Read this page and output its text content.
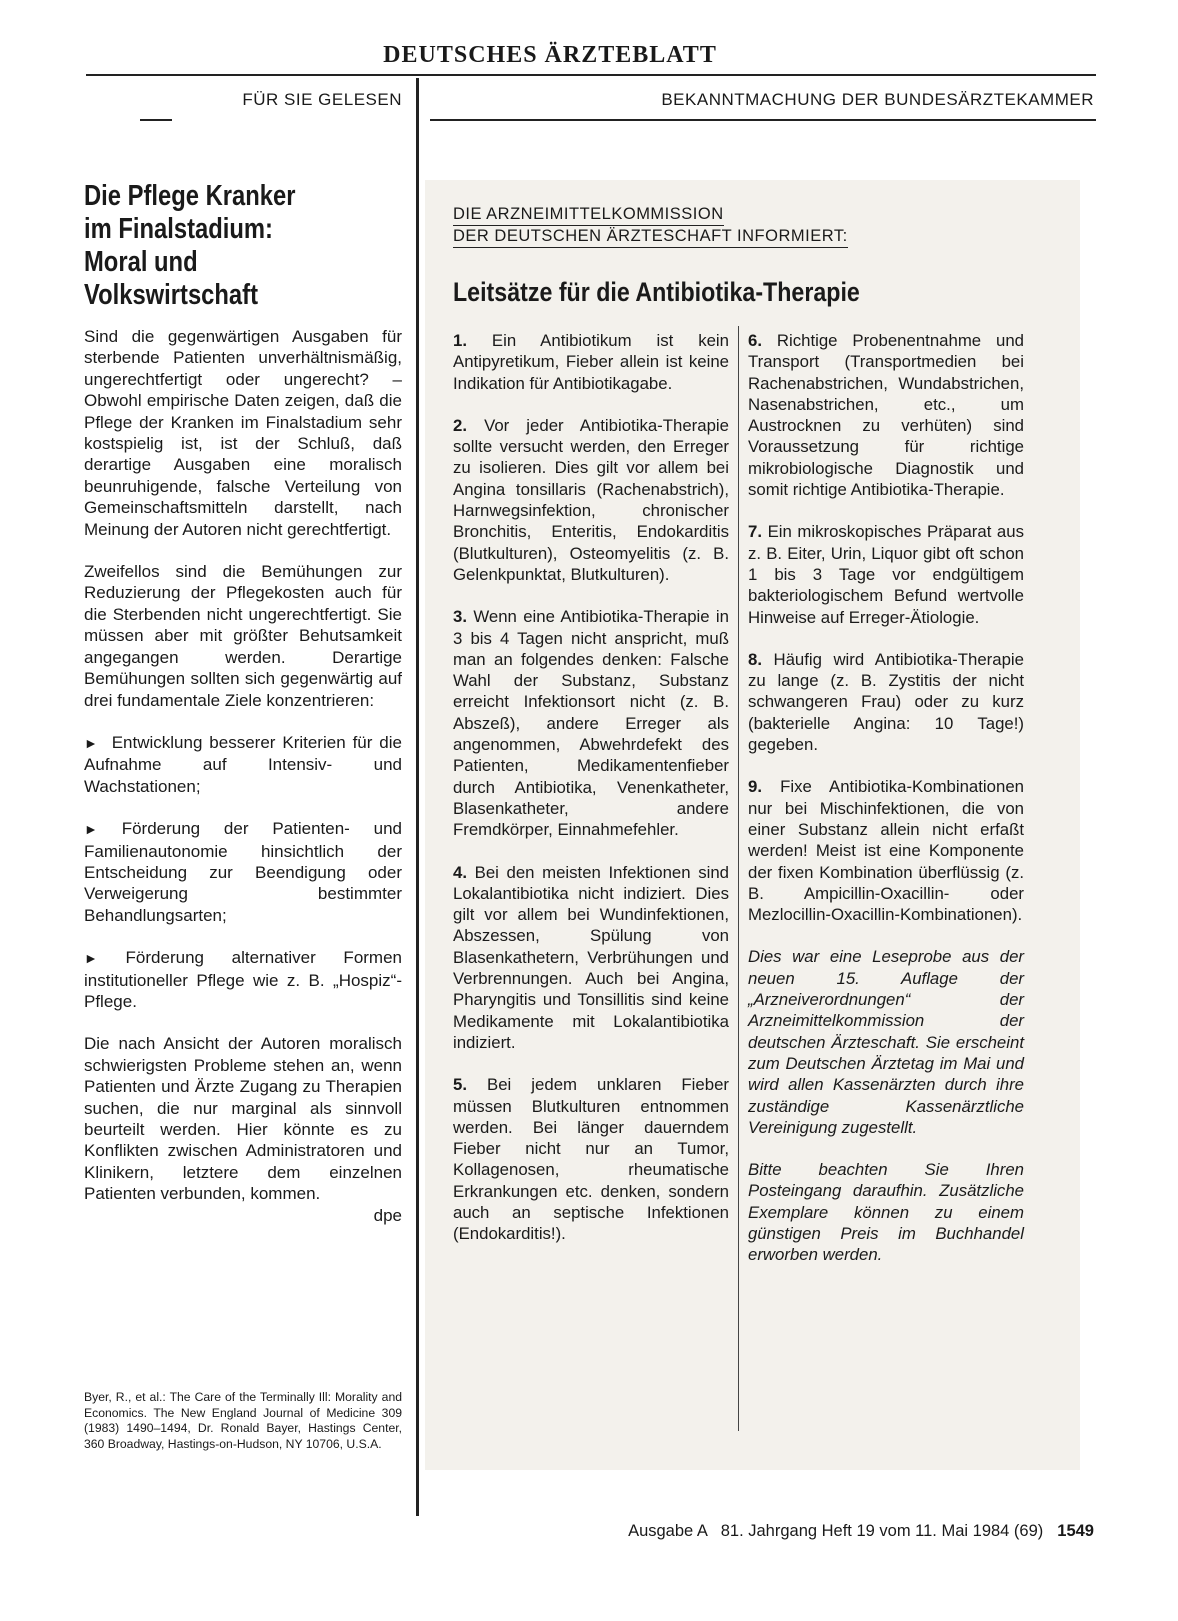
DEUTSCHES ÄRZTEBLATT
FÜR SIE GELESEN	BEKANNTMACHUNG DER BUNDESÄRZTEKAMMER
Die Pflege Kranker
im Finalstadium:
Moral und
Volkswirtschaft

Sind die gegenwärtigen Ausgaben für sterbende Patienten unverhältnismäßig, ungerechtfertigt oder ungerecht? – Obwohl empirische Daten zeigen, daß die Pflege der Kranken im Finalstadium sehr kostspielig ist, ist der Schluß, daß derartige Ausgaben eine moralisch beunruhigende, falsche Verteilung von Gemeinschaftsmitteln darstellt, nach Meinung der Autoren nicht gerechtfertigt.

Zweifellos sind die Bemühungen zur Reduzierung der Pflegekosten auch für die Sterbenden nicht ungerechtfertigt. Sie müssen aber mit größter Behutsamkeit angegangen werden. Derartige Bemühungen sollten sich gegenwärtig auf drei fundamentale Ziele konzentrieren:

► Entwicklung besserer Kriterien für die Aufnahme auf Intensiv- und Wachstationen;

► Förderung der Patienten- und Familienautonomie hinsichtlich der Entscheidung zur Beendigung oder Verweigerung bestimmter Behandlungsarten;

► Förderung alternativer Formen institutioneller Pflege wie z. B. „Hospiz“-Pflege.

Die nach Ansicht der Autoren moralisch schwierigsten Probleme stehen an, wenn Patienten und Ärzte Zugang zu Therapien suchen, die nur marginal als sinnvoll beurteilt werden. Hier könnte es zu Konflikten zwischen Administratoren und Klinikern, letztere dem einzelnen Patienten verbunden, kommen.

dpe
Byer, R., et al.: The Care of the Terminally Ill: Morality and Economics. The New England Journal of Medicine 309 (1983) 1490–1494, Dr. Ronald Bayer, Hastings Center, 360 Broadway, Hastings-on-Hudson, NY 10706, U.S.A.
DIE ARZNEIMITTELKOMMISSION
DER DEUTSCHEN ÄRZTESCHAFT INFORMIERT:
Leitsätze für die Antibiotika-Therapie

1. Ein Antibiotikum ist kein Antipyretikum, Fieber allein ist keine Indikation für Antibiotikagabe.

2. Vor jeder Antibiotika-Therapie sollte versucht werden, den Erreger zu isolieren. Dies gilt vor allem bei Angina tonsillaris (Rachenabstrich), Harnwegsinfektion, chronischer Bronchitis, Enteritis, Endokarditis (Blutkulturen), Osteomyelitis (z. B. Gelenkpunktat, Blutkulturen).

3. Wenn eine Antibiotika-Therapie in 3 bis 4 Tagen nicht anspricht, muß man an folgendes denken: Falsche Wahl der Substanz, Substanz erreicht Infektionsort nicht (z. B. Abszeß), andere Erreger als angenommen, Abwehrdefekt des Patienten, Medikamentenfieber durch Antibiotika, Venenkatheter, Blasenkatheter, andere Fremdkörper, Einnahmefehler.

4. Bei den meisten Infektionen sind Lokalantibiotika nicht indiziert. Dies gilt vor allem bei Wundinfektionen, Abszessen, Spülung von Blasenkathetern, Verbrühungen und Verbrennungen. Auch bei Angina, Pharyngitis und Tonsillitis sind keine Medikamente mit Lokalantibiotika indiziert.

5. Bei jedem unklaren Fieber müssen Blutkulturen entnommen werden. Bei länger dauerndem Fieber nicht nur an Tumor, Kollagenosen, rheumatische Erkrankungen etc. denken, sondern auch an septische Infektionen (Endokarditis!).

6. Richtige Probenentnahme und Transport (Transportmedien bei Rachenabstrichen, Wundabstrichen, Nasenabstrichen, etc., um Austrocknen zu verhüten) sind Voraussetzung für richtige mikrobiologische Diagnostik und somit richtige Antibiotika-Therapie.

7. Ein mikroskopisches Präparat aus z. B. Eiter, Urin, Liquor gibt oft schon 1 bis 3 Tage vor endgültigem bakteriologischem Befund wertvolle Hinweise auf Erreger-Ätiologie.

8. Häufig wird Antibiotika-Therapie zu lange (z. B. Zystitis der nicht schwangeren Frau) oder zu kurz (bakterielle Angina: 10 Tage!) gegeben.

9. Fixe Antibiotika-Kombinationen nur bei Mischinfektionen, die von einer Substanz allein nicht erfaßt werden! Meist ist eine Komponente der fixen Kombination überflüssig (z. B. Ampicillin-Oxacillin- oder Mezlocillin-Oxacillin-Kombinationen).

Dies war eine Leseprobe aus der neuen 15. Auflage der „Arzneiverordnungen“ der Arzneimittelkommission der deutschen Ärzteschaft. Sie erscheint zum Deutschen Ärztetag im Mai und wird allen Kassenärzten durch ihre zuständige Kassenärztliche Vereinigung zugestellt.

Bitte beachten Sie Ihren Posteingang daraufhin. Zusätzliche Exemplare können zu einem günstigen Preis im Buchhandel erworben werden.

Ausgabe A   81. Jahrgang Heft 19 vom 11. Mai 1984 (69) 1549
